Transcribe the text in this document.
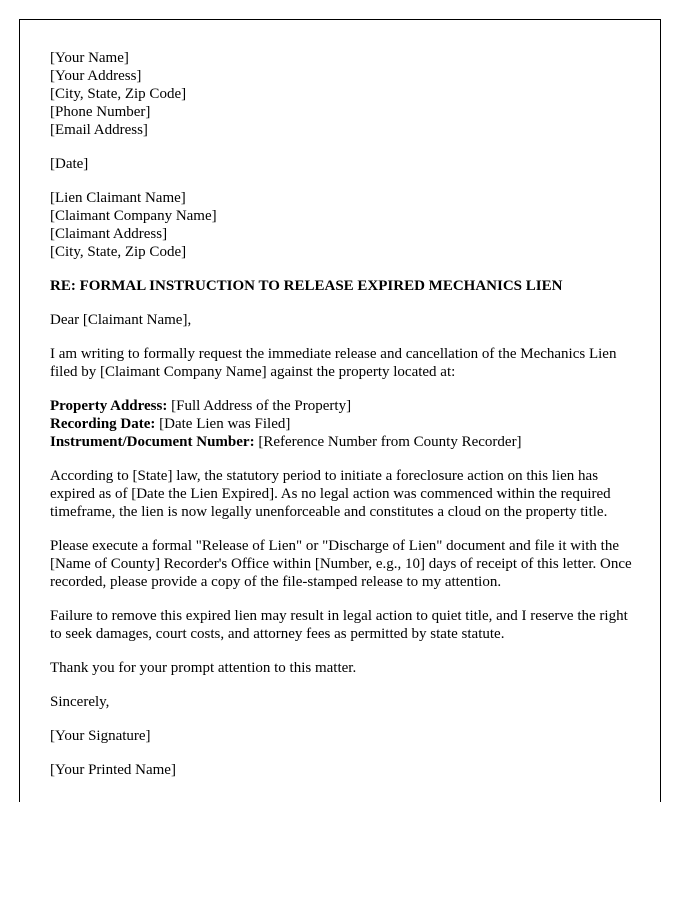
[Your Name]
[Your Address]
[City, State, Zip Code]
[Phone Number]
[Email Address]
[Date]
[Lien Claimant Name]
[Claimant Company Name]
[Claimant Address]
[City, State, Zip Code]
RE: FORMAL INSTRUCTION TO RELEASE EXPIRED MECHANICS LIEN
Dear [Claimant Name],
I am writing to formally request the immediate release and cancellation of the Mechanics Lien filed by [Claimant Company Name] against the property located at:
Property Address: [Full Address of the Property]
Recording Date: [Date Lien was Filed]
Instrument/Document Number: [Reference Number from County Recorder]
According to [State] law, the statutory period to initiate a foreclosure action on this lien has expired as of [Date the Lien Expired]. As no legal action was commenced within the required timeframe, the lien is now legally unenforceable and constitutes a cloud on the property title.
Please execute a formal "Release of Lien" or "Discharge of Lien" document and file it with the [Name of County] Recorder's Office within [Number, e.g., 10] days of receipt of this letter. Once recorded, please provide a copy of the file-stamped release to my attention.
Failure to remove this expired lien may result in legal action to quiet title, and I reserve the right to seek damages, court costs, and attorney fees as permitted by state statute.
Thank you for your prompt attention to this matter.
Sincerely,
[Your Signature]
[Your Printed Name]
